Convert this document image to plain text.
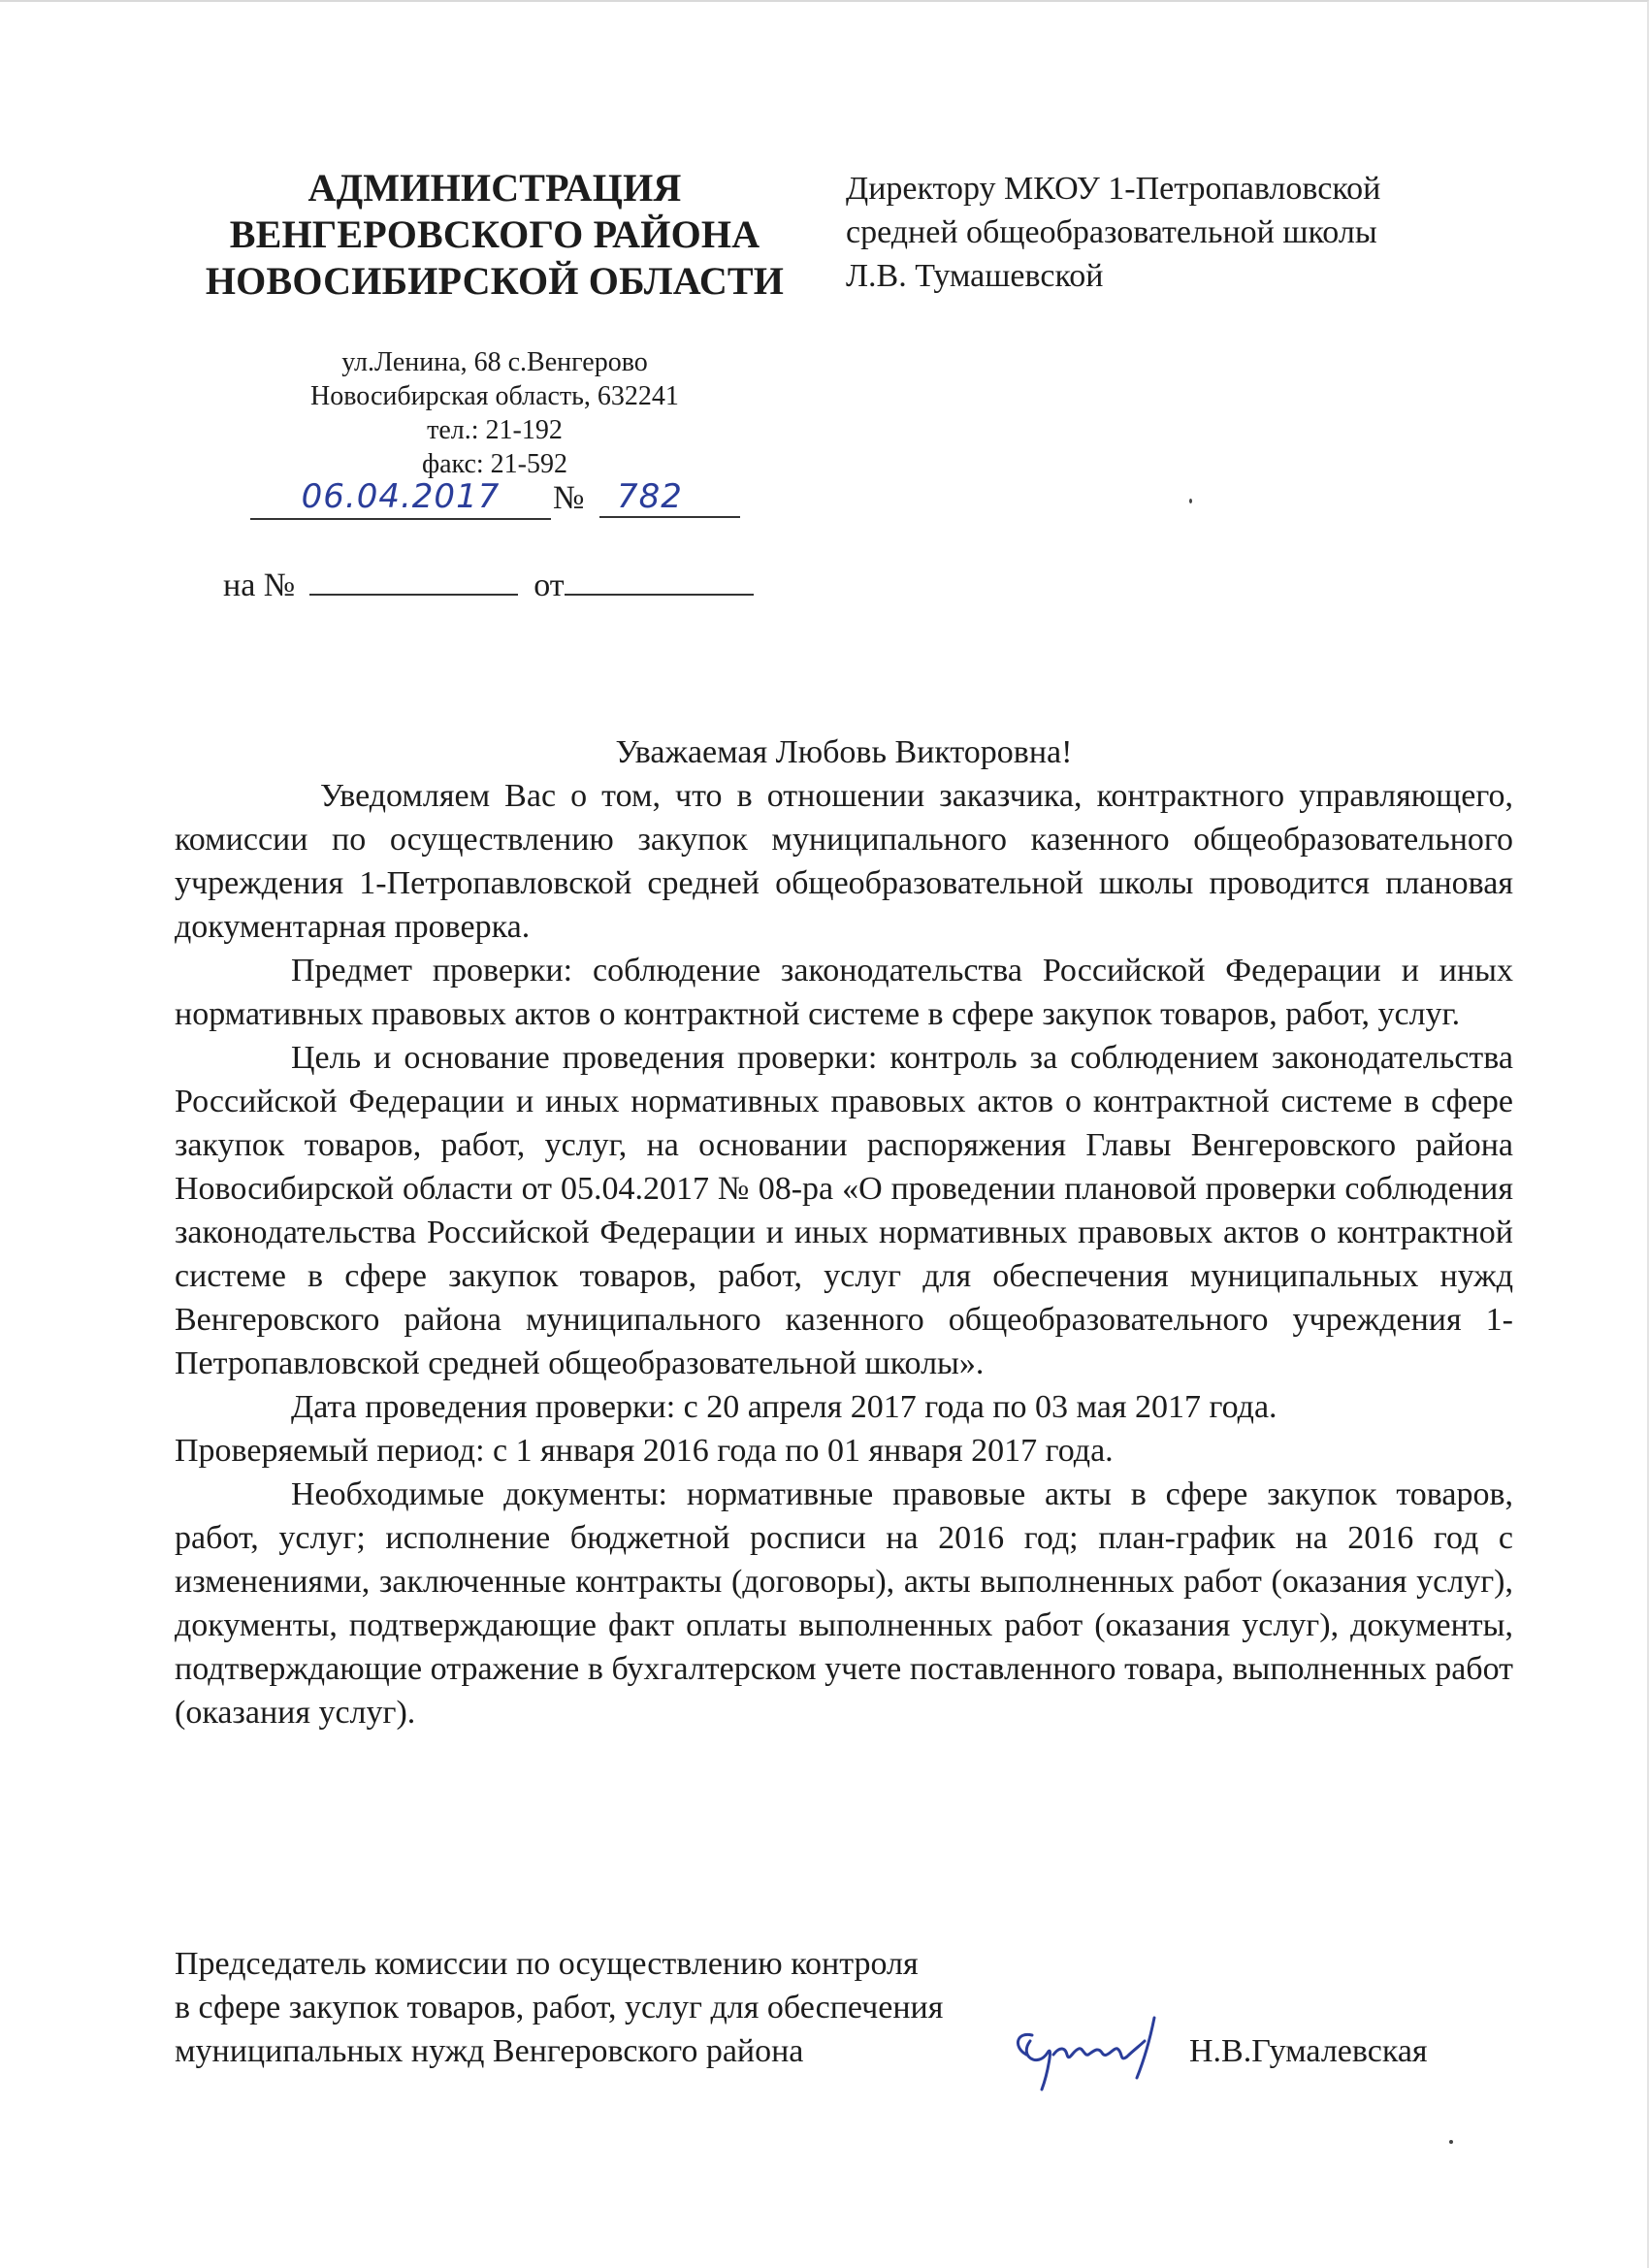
АДМИНИСТРАЦИЯ
ВЕНГЕРОВСКОГО РАЙОНА
НОВОСИБИРСКОЙ ОБЛАСТИ
ул.Ленина, 68 с.Венгерово
Новосибирская область, 632241
тел.: 21-192
факс: 21-592
06.04.2017	№ 782
на №	от
Директору МКОУ 1-Петропавловской
средней общеобразовательной школы
Л.В. Тумашевской
Уважаемая Любовь Викторовна!

Уведомляем Вас о том, что в отношении заказчика, контрактного управляющего, комиссии по осуществлению закупок муниципального казенного общеобразовательного учреждения 1-Петропавловской средней общеобразовательной школы проводится плановая документарная проверка.

Предмет проверки: соблюдение законодательства Российской Федерации и иных нормативных правовых актов о контрактной системе в сфере закупок товаров, работ, услуг.

Цель и основание проведения проверки: контроль за соблюдением законодательства Российской Федерации и иных нормативных правовых актов о контрактной системе в сфере закупок товаров, работ, услуг, на основании распоряжения Главы Венгеровского района Новосибирской области от 05.04.2017 № 08-ра «О проведении плановой проверки соблюдения законодательства Российской Федерации и иных нормативных правовых актов о контрактной системе в сфере закупок товаров, работ, услуг для обеспечения муниципальных нужд Венгеровского района муниципального казенного общеобразовательного учреждения 1-Петропавловской средней общеобразовательной школы».

Дата проведения проверки: с 20 апреля 2017 года по 03 мая 2017 года.

Проверяемый период: с 1 января 2016 года по 01 января 2017 года.

Необходимые документы: нормативные правовые акты в сфере закупок товаров, работ, услуг; исполнение бюджетной росписи на 2016 год; план-график на 2016 год с изменениями, заключенные контракты (договоры), акты выполненных работ (оказания услуг), документы, подтверждающие факт оплаты выполненных работ (оказания услуг), документы, подтверждающие отражение в бухгалтерском учете поставленного товара, выполненных работ (оказания услуг).

Председатель комиссии по осуществлению контроля
в сфере закупок товаров, работ, услуг для обеспечения
муниципальных нужд Венгеровского района	Н.В.Гумалевская
